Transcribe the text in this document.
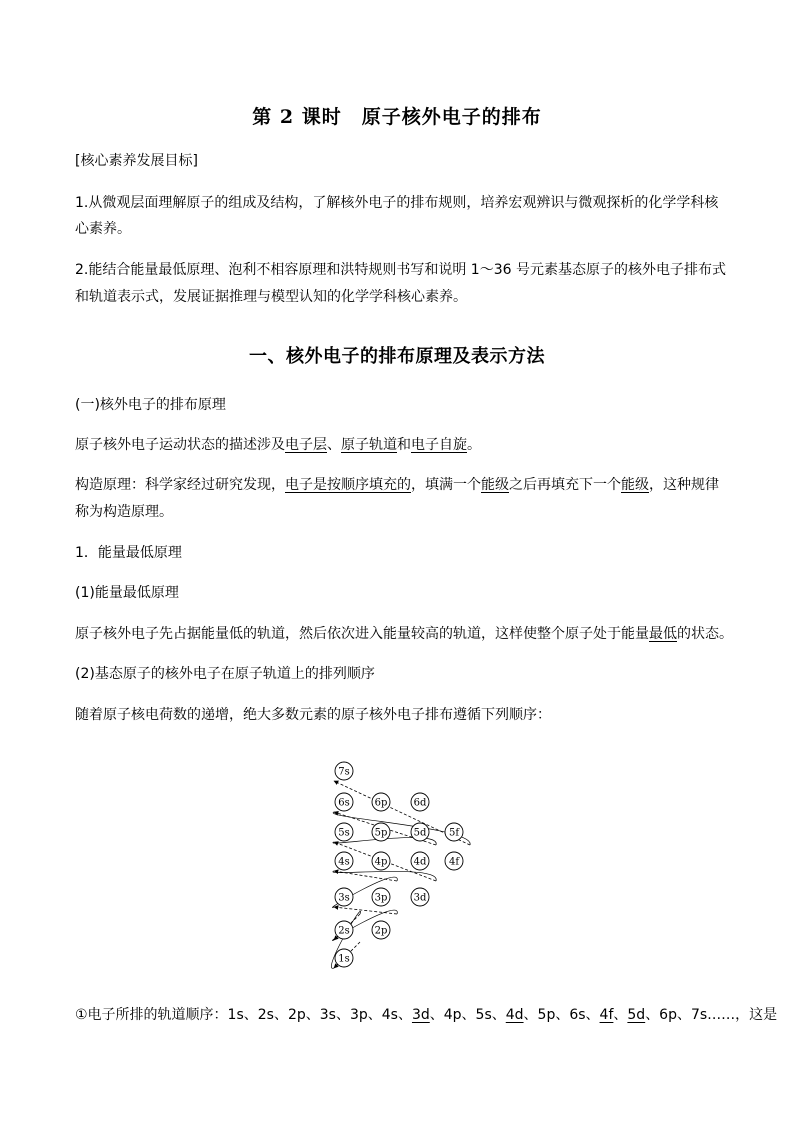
第 2 课时　原子核外电子的排布
[核心素养发展目标]
1.从微观层面理解原子的组成及结构，了解核外电子的排布规则，培养宏观辨识与微观探析的化学学科核
心素养。
2.能结合能量最低原理、泡利不相容原理和洪特规则书写和说明 1～36 号元素基态原子的核外电子排布式
和轨道表示式，发展证据推理与模型认知的化学学科核心素养。
一、核外电子的排布原理及表示方法
(一)核外电子的排布原理
原子核外电子运动状态的描述涉及电子层、原子轨道和电子自旋。
构造原理：科学家经过研究发现，电子是按顺序填充的，填满一个能级之后再填充下一个能级，这种规律
称为构造原理。
1．能量最低原理
(1)能量最低原理
原子核外电子先占据能量低的轨道，然后依次进入能量较高的轨道，这样使整个原子处于能量最低的状态。
(2)基态原子的核外电子在原子轨道上的排列顺序
随着原子核电荷数的递增，绝大多数元素的原子核外电子排布遵循下列顺序：
7s
6s 6p	6d
5s 5p	5d 5f
4s 4p	4d 4f
3s 3p	3d
2s 2p
1s
①电子所排的轨道顺序：1s、2s、2p、3s、3p、4s、3d、4p、5s、4d、5p、6s、4f、5d、6p、7s……，这是
